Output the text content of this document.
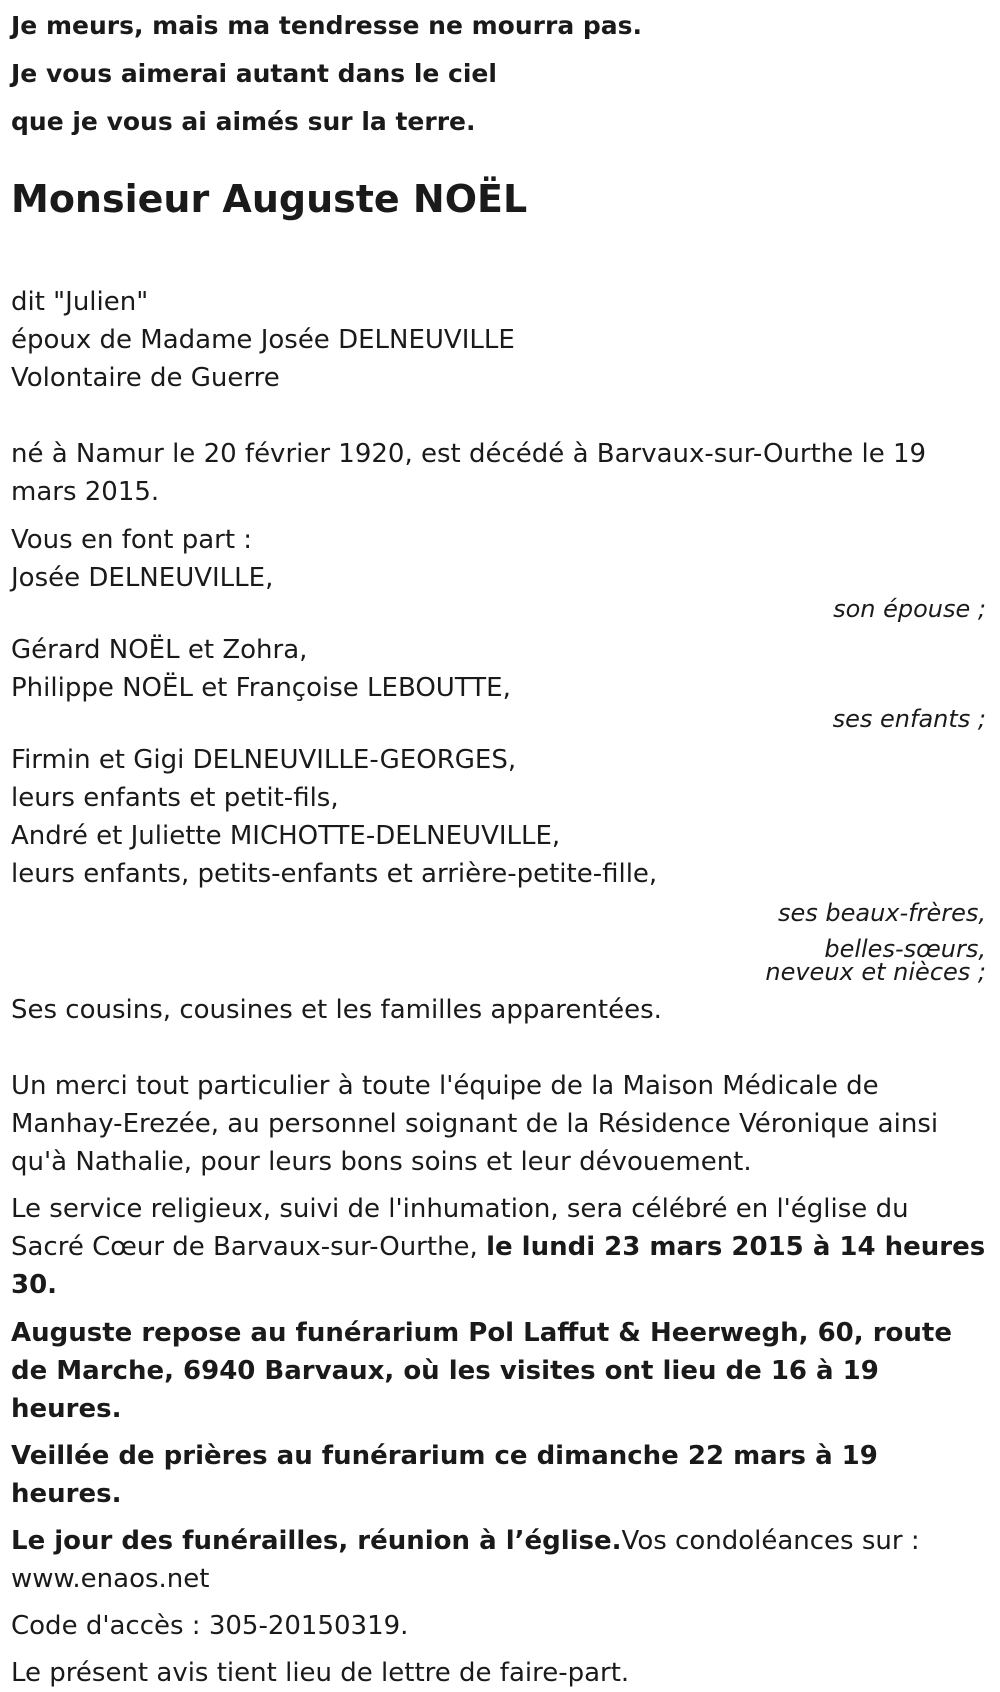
Je meurs, mais ma tendresse ne mourra pas.

Je vous aimerai autant dans le ciel

que je vous ai aimés sur la terre.

Monsieur Auguste NOËL

dit "Julien"

époux de Madame Josée DELNEUVILLE

Volontaire de Guerre

né à Namur le 20 février 1920, est décédé à Barvaux-sur-Ourthe le 19 mars 2015.

Vous en font part :

Josée DELNEUVILLE,

son épouse ;

Gérard NOËL et Zohra,

Philippe NOËL et Françoise LEBOUTTE,

ses enfants ;

Firmin et Gigi DELNEUVILLE-GEORGES,

leurs enfants et petit-fils,

André et Juliette MICHOTTE-DELNEUVILLE,

leurs enfants, petits-enfants et arrière-petite-fille,

ses beaux-frères,

belles-sœurs,

neveux et nièces ;

Ses cousins, cousines et les familles apparentées.

Un merci tout particulier à toute l'équipe de la Maison Médicale de Manhay-Erezée, au personnel soignant de la Résidence Véronique ainsi qu'à Nathalie, pour leurs bons soins et leur dévouement.

Le service religieux, suivi de l'inhumation, sera célébré en l'église du Sacré Cœur de Barvaux-sur-Ourthe, le lundi 23 mars 2015 à 14 heures 30.

Auguste repose au funérarium Pol Laffut & Heerwegh, 60, route de Marche, 6940 Barvaux, où les visites ont lieu de 16 à 19 heures.

Veillée de prières au funérarium ce dimanche 22 mars à 19 heures.

Le jour des funérailles, réunion à l’église.Vos condoléances sur : www.enaos.net

Code d'accès : 305-20150319.

Le présent avis tient lieu de lettre de faire-part.
